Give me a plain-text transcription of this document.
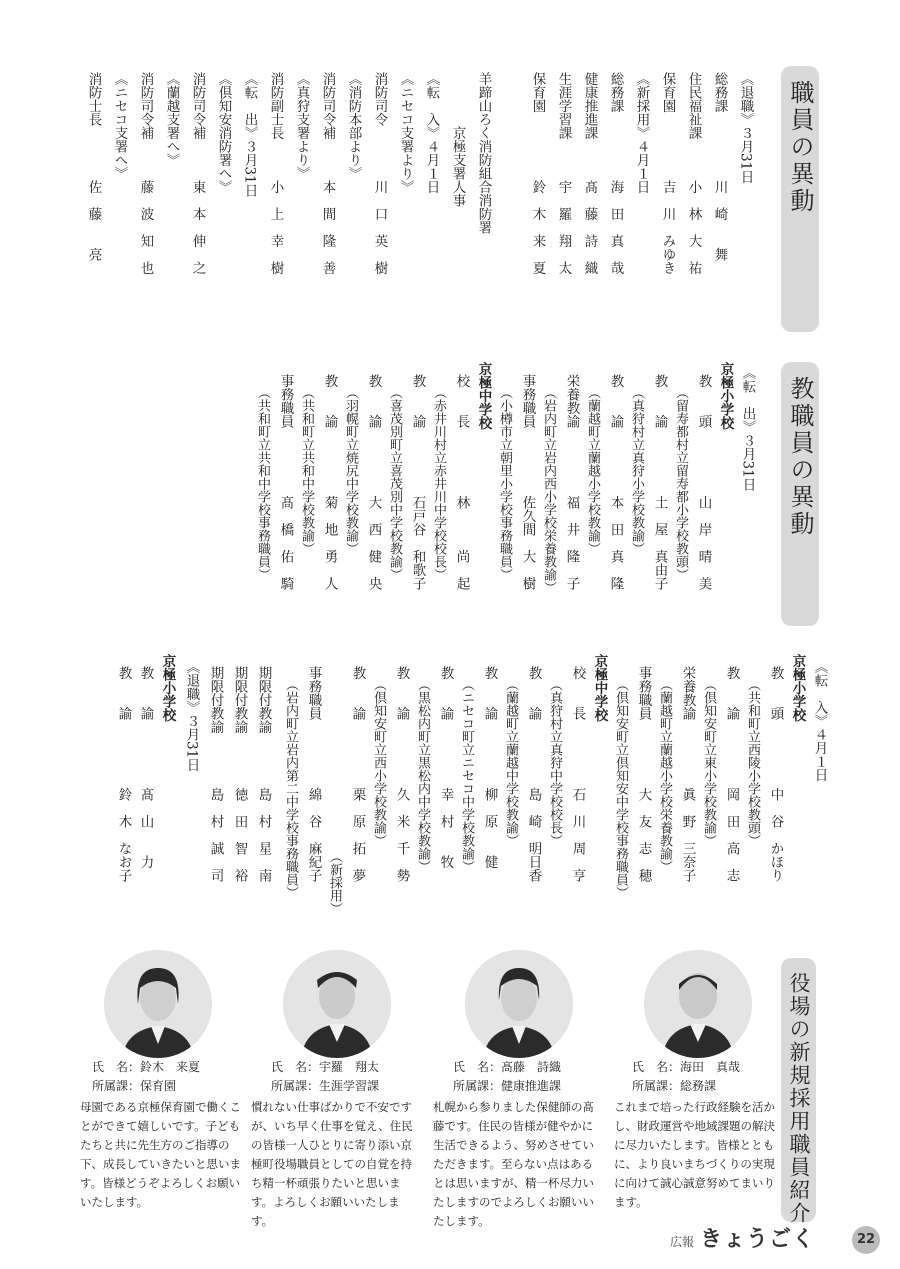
職員の異動
教職員の異動
役場の新規採用職員紹介
《退職》３月31日
総務課　　　　　川　崎　　舞
住民福祉課　　　小　林　大　祐
保育園　　　　　吉　川　みゆき
《新採用》４月１日
総務課　　　　　海　田　真　哉
健康推進課　　　髙　藤　詩　織
生涯学習課　　　宇　羅　翔　太
保育園　　　　　鈴　木　来　夏
羊蹄山ろく消防組合消防署
　　　　京極支署人事
《転　入》４月１日
《ニセコ支署より》
消防司令　　　　川　口　英　樹
《消防本部より》
消防司令補　　　本　間　隆　善
《真狩支署より》
消防副士長　　　小　上　幸　樹
《転　出》３月31日
《倶知安消防署へ》
消防司令補　　　東　本　伸　之
《蘭越支署へ》
消防司令補　　　藤　波　知　也
《ニセコ支署へ》
消防士長　　　　佐　藤　　亮
《転　出》３月31日
京極小学校
教　　頭　　　　　山　岸　晴　美
（留寿都村立留寿都小学校教頭）
教　　諭　　　　　土　屋　真由子
（真狩村立真狩小学校教諭）
教　　諭　　　　　本　田　真　隆
（蘭越町立蘭越小学校教諭）
栄養教諭　　　　　福　井　隆　子
（岩内町立岩内西小学校栄養教諭）
事務職員　　　　　佐久間　大　樹
（小樽市立朝里小学校事務職員）
京極中学校
校　　長　　　　　林　　　尚　起
（赤井川村立赤井川中学校校長）
教　　諭　　　　　石戸谷　和歌子
（喜茂別町立喜茂別中学校教諭）
教　　諭　　　　　大　西　健　央
（羽幌町立焼尻中学校教諭）
教　　諭　　　　　菊　地　勇　人
（共和町立共和中学校教諭）
事務職員　　　　　髙　橋　佑　騎
（共和町立共和中学校事務職員）
《転　入》４月１日
京極小学校
教　　頭　　　　　中　谷　かほり
（共和町立西陵小学校教頭）
教　　諭　　　　　岡　田　高　志
（倶知安町立東小学校教諭）
栄養教諭　　　　　眞　野　三奈子
（蘭越町立蘭越小学校栄養教諭）
事務職員　　　　　大　友　志　穂
（倶知安町立倶知安中学校事務職員）
京極中学校
校　　長　　　　　石　川　周　亨
（真狩村立真狩中学校校長）
教　　諭　　　　　島　崎　明日香
（蘭越町立蘭越中学校教諭）
教　　諭　　　　　柳　原　　健
（ニセコ町立ニセコ中学校教諭）
教　　諭　　　　　幸　村　　牧
（黒松内町立黒松内中学校教諭）
教　　諭　　　　　久　米　千　勢
（倶知安町立西小学校教諭）
教　　諭　　　　　栗　原　拓　夢
（新採用）
事務職員　　　　　綿　谷　麻紀子
（岩内町立岩内第二中学校事務職員）
期限付教諭　　　　島　村　星　南
期限付教諭　　　　徳　田　智　裕
期限付教諭　　　　島　村　誠　司
《退職》３月31日
京極小学校
教　　諭　　　　　髙　山　　力
教　　諭　　　　　鈴　木　なお子
氏　名：海田　真哉
所属課：総務課
これまで培った行政経験を活かし、財政運営や地域課題の解決に尽力いたします。皆様とともに、より良いまちづくりの実現に向けて誠心誠意努めてまいります。
氏　名：髙藤　詩織
所属課：健康推進課
札幌から参りました保健師の髙藤です。住民の皆様が健やかに生活できるよう、努めさせていただきます。至らない点はあるとは思いますが、精一杯尽力いたしますのでよろしくお願いいたします。
氏　名：宇羅　翔太
所属課：生涯学習課
慣れない仕事ばかりで不安ですが、いち早く仕事を覚え、住民の皆様一人ひとりに寄り添い京極町役場職員としての自覚を持ち精一杯頑張りたいと思います。よろしくお願いいたします。
氏　名：鈴木　来夏
所属課：保育園
母園である京極保育園で働くことができて嬉しいです。子どもたちと共に先生方のご指導の下、成長していきたいと思います。皆様どうぞよろしくお願いいたします。
広報 きょうごく	22
